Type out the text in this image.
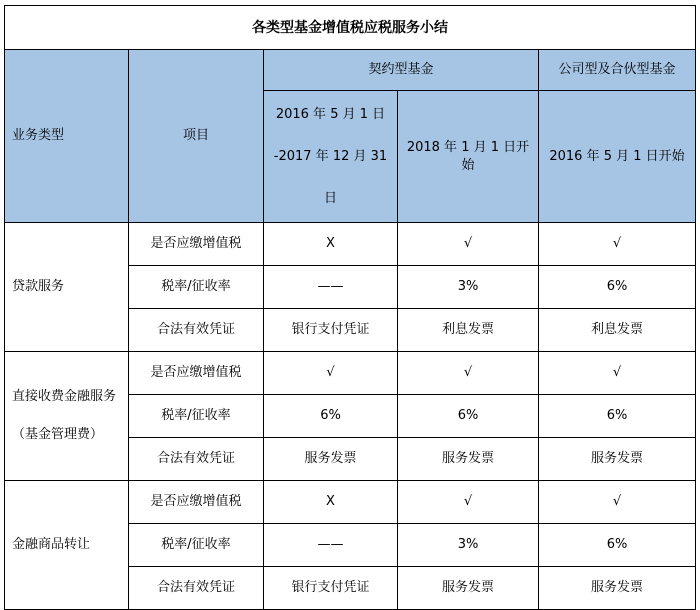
各类型基金增值税应税服务小结				
业务类型	项目	契约型基金		公司型及合伙型基金

		2016 年 5 月 1 日
-2017 年 12 月 31
日	2018 年 1 月 1 日开始	2016 年 5 月 1 日开始

贷款服务	是否应缴增值税	X	√	√
	税率/征收率	——	3%	6%
	合法有效凭证	银行支付凭证	利息发票	利息发票

直接收费金融服务
（基金管理费）	是否应缴增值税	√	√	√
	税率/征收率	6%	6%	6%
	合法有效凭证	服务发票	服务发票	服务发票

金融商品转让	是否应缴增值税	X	√	√
	税率/征收率	——	3%	6%
	合法有效凭证	银行支付凭证	服务发票	服务发票
